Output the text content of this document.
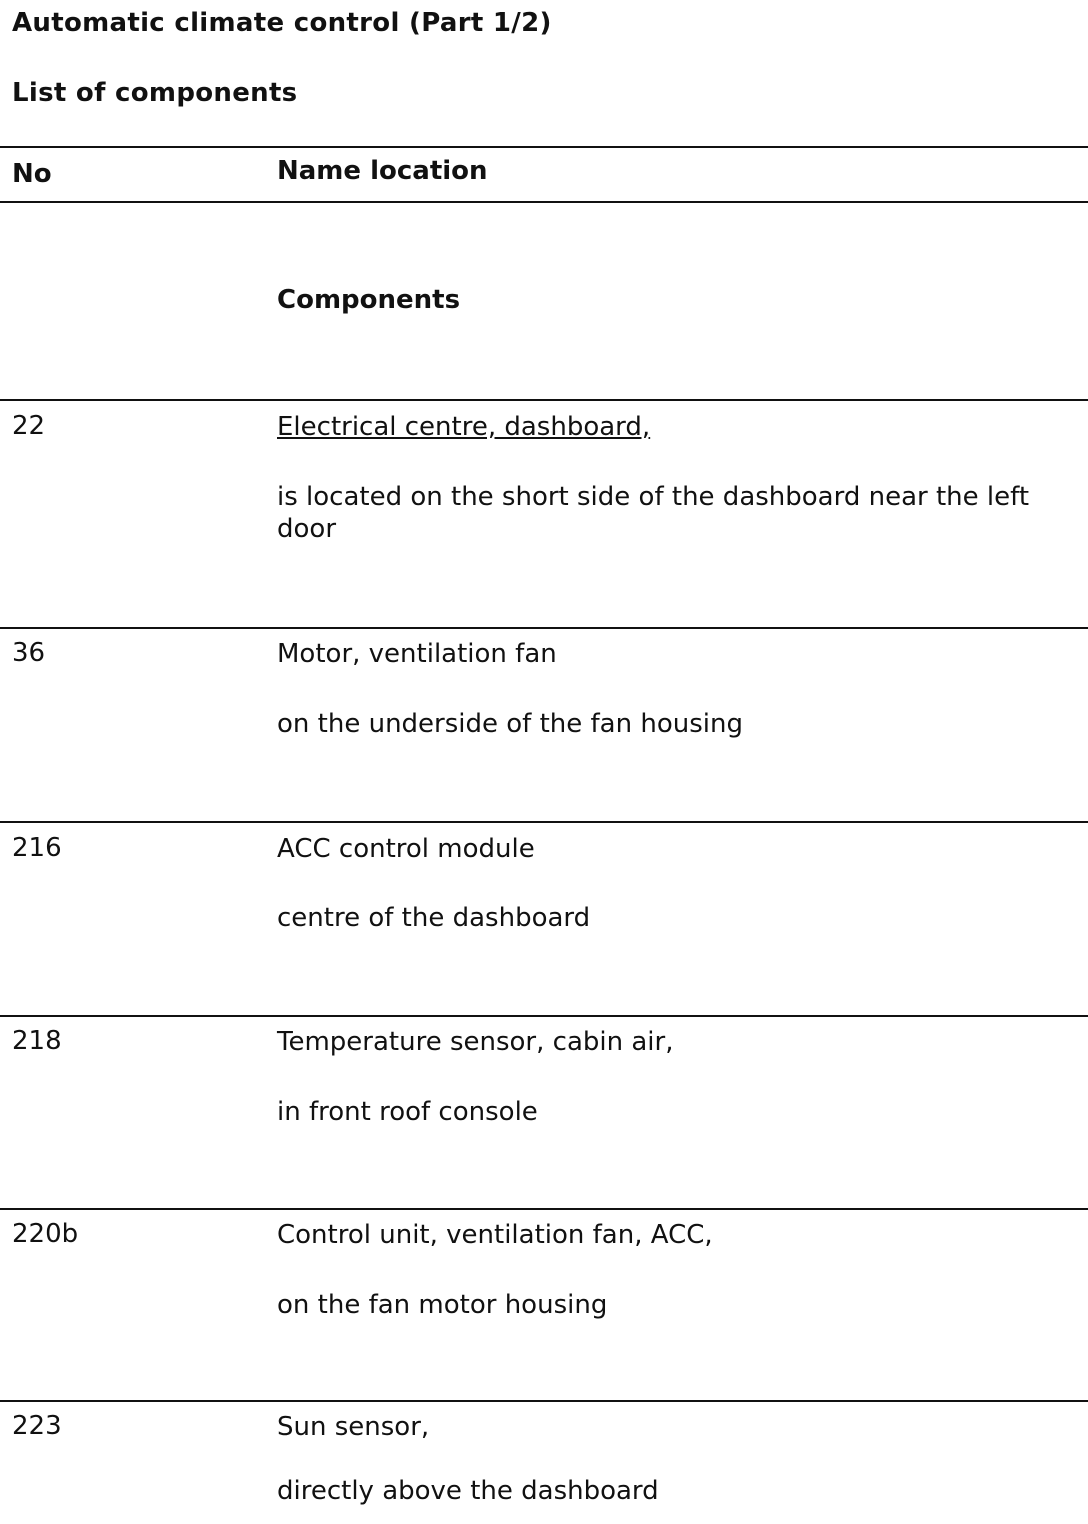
Automatic climate control (Part 1/2)
List of components
No	Name location
Components
22	Electrical centre, dashboard,
is located on the short side of the dashboard near the left door
36	Motor, ventilation fan
on the underside of the fan housing
216	ACC control module
centre of the dashboard
218	Temperature sensor, cabin air,
in front roof console
220b	Control unit, ventilation fan, ACC,
on the fan motor housing
223	Sun sensor,
directly above the dashboard
